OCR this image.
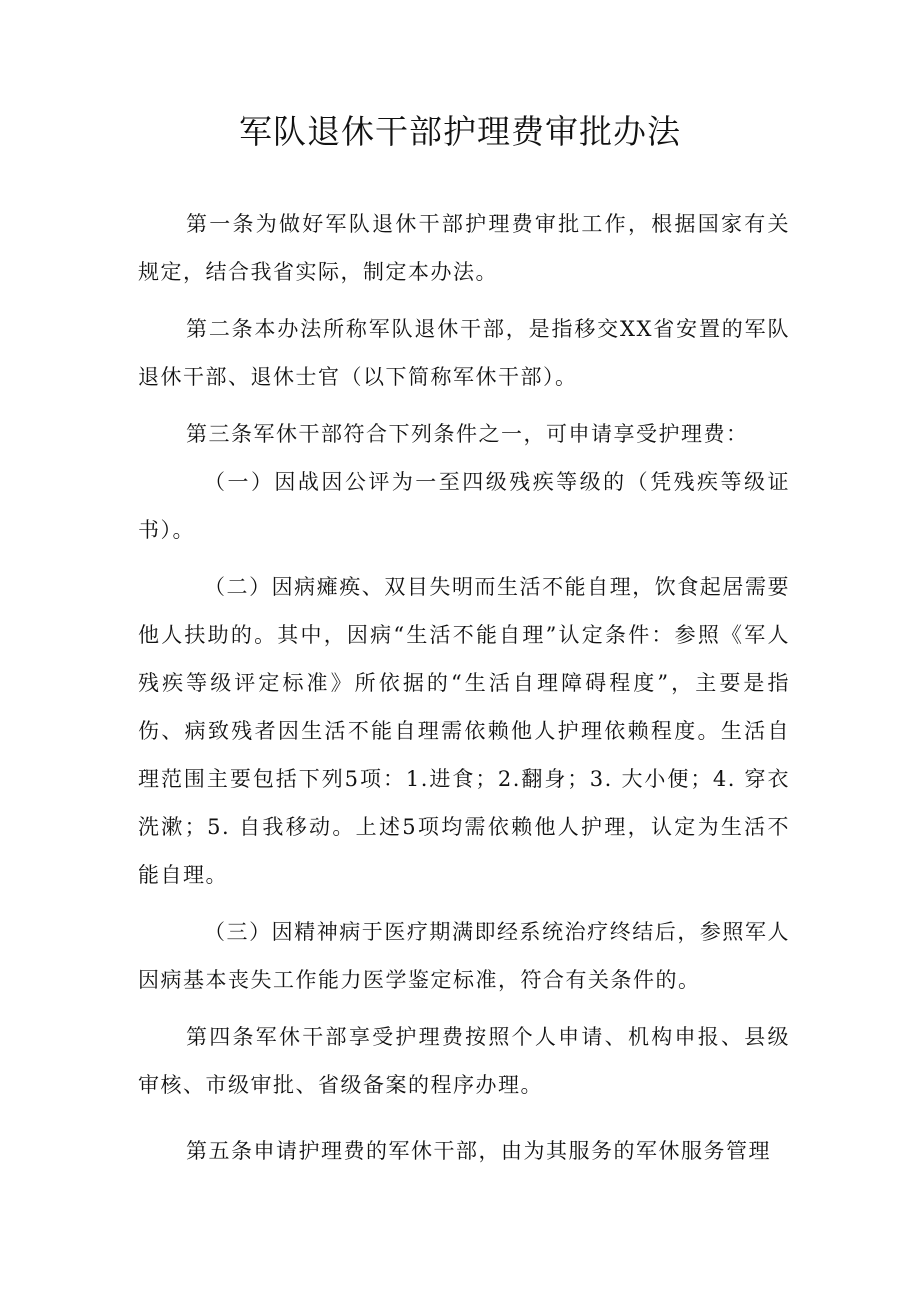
军队退休干部护理费审批办法

第一条为做好军队退休干部护理费审批工作，根据国家有关规定，结合我省实际，制定本办法。

第二条本办法所称军队退休干部，是指移交XX省安置的军队退休干部、退休士官（以下简称军休干部）。

第三条军休干部符合下列条件之一，可申请享受护理费：

（一）因战因公评为一至四级残疾等级的（凭残疾等级证书）。

（二）因病瘫痪、双目失明而生活不能自理，饮食起居需要他人扶助的。其中，因病“生活不能自理”认定条件：参照《军人残疾等级评定标准》所依据的“生活自理障碍程度”，主要是指伤、病致残者因生活不能自理需依赖他人护理依赖程度。生活自理范围主要包括下列5项：1.进食；2.翻身；3. 大小便；4. 穿衣洗漱；5. 自我移动。上述5项均需依赖他人护理，认定为生活不能自理。

（三）因精神病于医疗期满即经系统治疗终结后，参照军人因病基本丧失工作能力医学鉴定标准，符合有关条件的。

第四条军休干部享受护理费按照个人申请、机构申报、县级审核、市级审批、省级备案的程序办理。

第五条申请护理费的军休干部，由为其服务的军休服务管理
